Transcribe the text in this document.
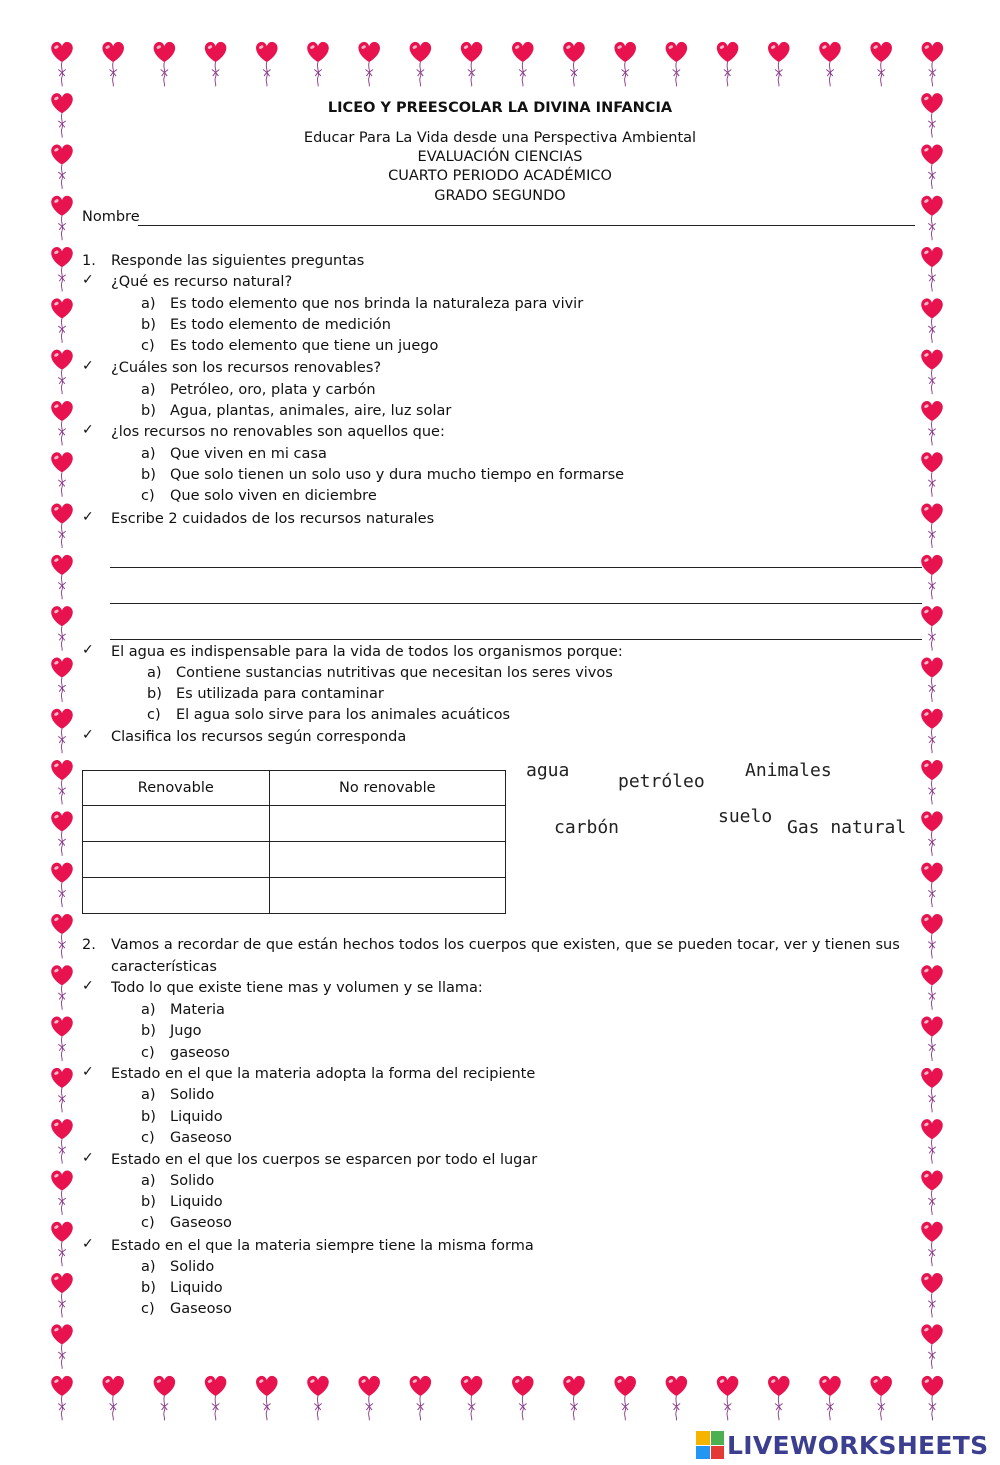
LICEO Y PREESCOLAR LA DIVINA INFANCIA
Educar Para La Vida desde una Perspectiva Ambiental
EVALUACIÓN CIENCIAS
CUARTO PERIODO ACADÉMICO
GRADO SEGUNDO
Nombre
1. Responde las siguientes preguntas
✓ ¿Qué es recurso natural?
a) Es todo elemento que nos brinda la naturaleza para vivir
b) Es todo elemento de medición
c) Es todo elemento que tiene un juego
✓ ¿Cuáles son los recursos renovables?
a) Petróleo, oro, plata y carbón
b) Agua, plantas, animales, aire, luz solar
✓ ¿los recursos no renovables son aquellos que:
a) Que viven en mi casa
b) Que solo tienen un solo uso y dura mucho tiempo en formarse
c) Que solo viven en diciembre
✓ Escribe 2 cuidados de los recursos naturales
✓ El agua es indispensable para la vida de todos los organismos porque:
a) Contiene sustancias nutritivas que necesitan los seres vivos
b) Es utilizada para contaminar
c) El agua solo sirve para los animales acuáticos
✓ Clasifica los recursos según corresponda
Renovable	No renovable

agua
petróleo
Animales
carbón
suelo
Gas natural
2. Vamos a recordar de que están hechos todos los cuerpos que existen, que se pueden tocar, ver y tienen sus
características
✓ Todo lo que existe tiene mas y volumen y se llama:
a) Materia
b) Jugo
c) gaseoso
✓ Estado en el que la materia adopta la forma del recipiente
a) Solido
b) Liquido
c) Gaseoso
✓ Estado en el que los cuerpos se esparcen por todo el lugar
a) Solido
b) Liquido
c) Gaseoso
✓ Estado en el que la materia siempre tiene la misma forma
a) Solido
b) Liquido
c) Gaseoso
LIVEWORKSHEETS
